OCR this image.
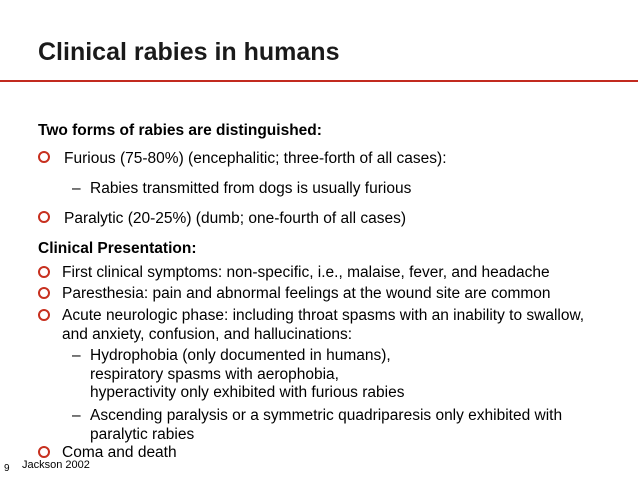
Clinical rabies in humans
Two forms of rabies are distinguished:
Furious (75-80%) (encephalitic; three-forth of all cases):
– Rabies transmitted from dogs is usually furious
Paralytic (20-25%) (dumb; one-fourth of all cases)
Clinical Presentation:
First clinical symptoms: non-specific, i.e., malaise, fever, and headache
Paresthesia: pain and abnormal feelings at the wound site are common
Acute neurologic phase: including throat spasms with an inability to swallow,
and anxiety, confusion, and hallucinations:
– Hydrophobia (only documented in humans),
respiratory spasms with aerophobia,
hyperactivity only exhibited with furious rabies
– Ascending paralysis or a symmetric quadriparesis only exhibited with
paralytic rabies
Coma and death
9 Jackson 2002
